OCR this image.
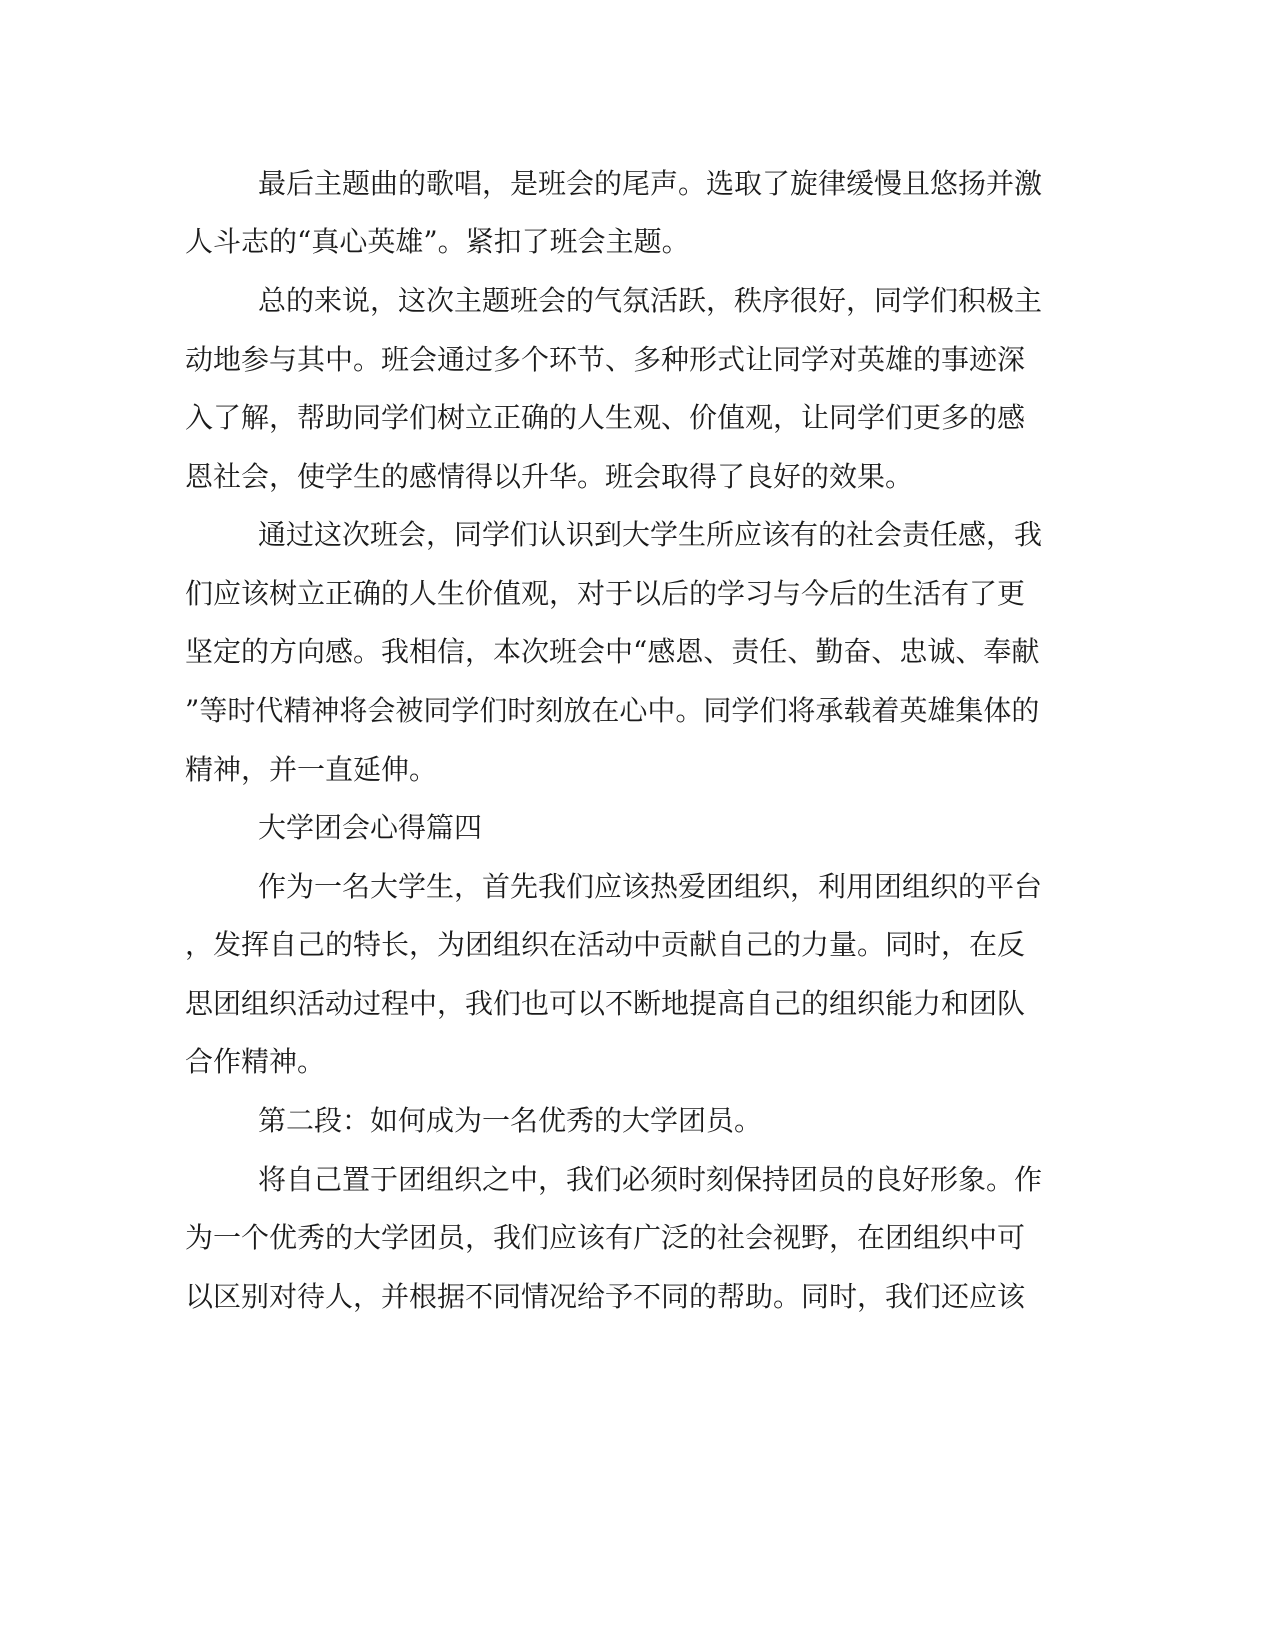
最后主题曲的歌唱，是班会的尾声。选取了旋律缓慢且悠扬并激
人斗志的“真心英雄”。紧扣了班会主题。
总的来说，这次主题班会的气氛活跃，秩序很好，同学们积极主
动地参与其中。班会通过多个环节、多种形式让同学对英雄的事迹深
入了解，帮助同学们树立正确的人生观、价值观，让同学们更多的感
恩社会，使学生的感情得以升华。班会取得了良好的效果。
通过这次班会，同学们认识到大学生所应该有的社会责任感，我
们应该树立正确的人生价值观，对于以后的学习与今后的生活有了更
坚定的方向感。我相信，本次班会中“感恩、责任、勤奋、忠诚、奉献
”等时代精神将会被同学们时刻放在心中。同学们将承载着英雄集体的
精神，并一直延伸。
大学团会心得篇四
作为一名大学生，首先我们应该热爱团组织，利用团组织的平台
，发挥自己的特长，为团组织在活动中贡献自己的力量。同时，在反
思团组织活动过程中，我们也可以不断地提高自己的组织能力和团队
合作精神。
第二段：如何成为一名优秀的大学团员。
将自己置于团组织之中，我们必须时刻保持团员的良好形象。作
为一个优秀的大学团员，我们应该有广泛的社会视野，在团组织中可
以区别对待人，并根据不同情况给予不同的帮助。同时，我们还应该
